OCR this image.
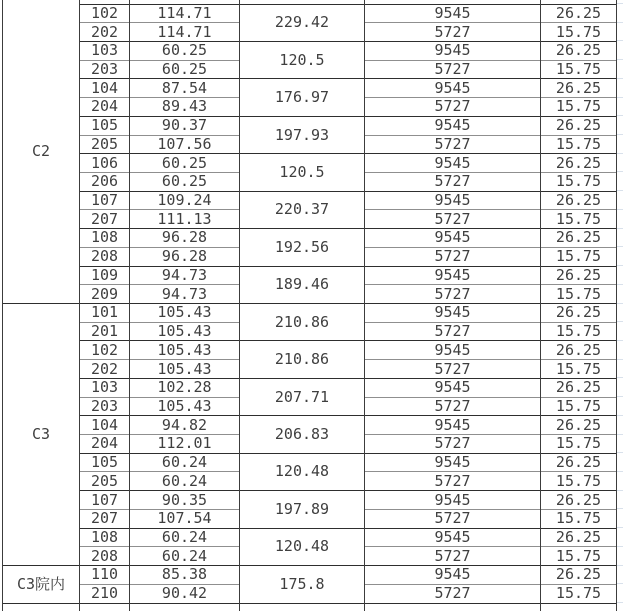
C2					
	102	114.71	229.42	9545	26.25
	202	114.71		5727	15.75
	103	60.25	120.5	9545	26.25
	203	60.25		5727	15.75
	104	87.54	176.97	9545	26.25
	204	89.43		5727	15.75
	105	90.37	197.93	9545	26.25
	205	107.56		5727	15.75
	106	60.25	120.5	9545	26.25
	206	60.25		5727	15.75
	107	109.24	220.37	9545	26.25
	207	111.13		5727	15.75
	108	96.28	192.56	9545	26.25
	208	96.28		5727	15.75
	109	94.73	189.46	9545	26.25
	209	94.73		5727	15.75
C3	101	105.43	210.86	9545	26.25
	201	105.43		5727	15.75
	102	105.43	210.86	9545	26.25
	202	105.43		5727	15.75
	103	102.28	207.71	9545	26.25
	203	105.43		5727	15.75
	104	94.82	206.83	9545	26.25
	204	112.01		5727	15.75
	105	60.24	120.48	9545	26.25
	205	60.24		5727	15.75
	107	90.35	197.89	9545	26.25
	207	107.54		5727	15.75
	108	60.24	120.48	9545	26.25
	208	60.24		5727	15.75
C3院内	110	85.38	175.8	9545	26.25
	210	90.42		5727	15.75
